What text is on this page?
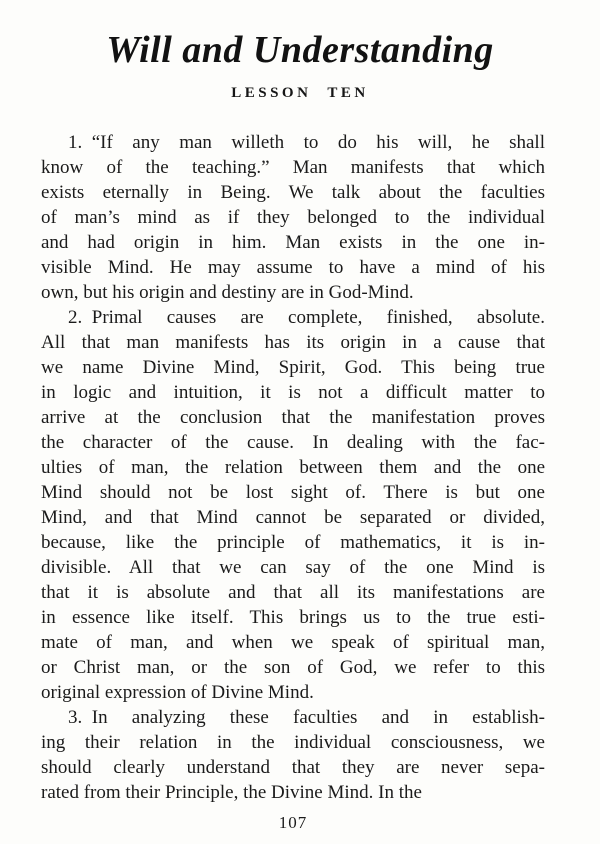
Will and Understanding
LESSON TEN
1. “If any man willeth to do his will, he shall
know of the teaching.” Man manifests that which
exists eternally in Being. We talk about the faculties
of man’s mind as if they belonged to the individual
and had origin in him. Man exists in the one in-
visible Mind. He may assume to have a mind of his
own, but his origin and destiny are in God-Mind.
2. Primal causes are complete, finished, absolute.
All that man manifests has its origin in a cause that
we name Divine Mind, Spirit, God. This being true
in logic and intuition, it is not a difficult matter to
arrive at the conclusion that the manifestation proves
the character of the cause. In dealing with the fac-
ulties of man, the relation between them and the one
Mind should not be lost sight of. There is but one
Mind, and that Mind cannot be separated or divided,
because, like the principle of mathematics, it is in-
divisible. All that we can say of the one Mind is
that it is absolute and that all its manifestations are
in essence like itself. This brings us to the true esti-
mate of man, and when we speak of spiritual man,
or Christ man, or the son of God, we refer to this
original expression of Divine Mind.
3. In analyzing these faculties and in establish-
ing their relation in the individual consciousness, we
should clearly understand that they are never sepa-
rated from their Principle, the Divine Mind. In the
107
